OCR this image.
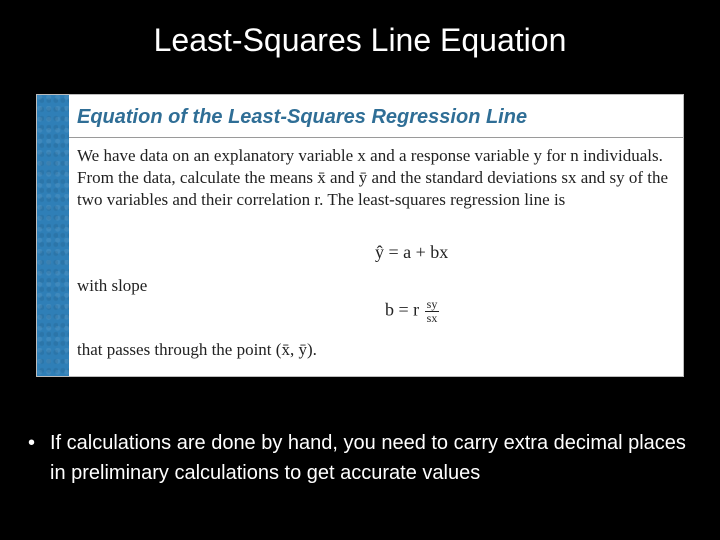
Least-Squares Line Equation
Equation of the Least-Squares Regression Line

We have data on an explanatory variable x and a response variable y for n individuals. From the data, calculate the means x̄ and ȳ and the standard deviations sx and sy of the two variables and their correlation r. The least-squares regression line is

ŷ = a + bx
with slope
b = r $\frac{sy}{sx}$
that passes through the point (x̄, ȳ).
• If calculations are done by hand, you need to carry extra decimal places in preliminary calculations to get accurate values
